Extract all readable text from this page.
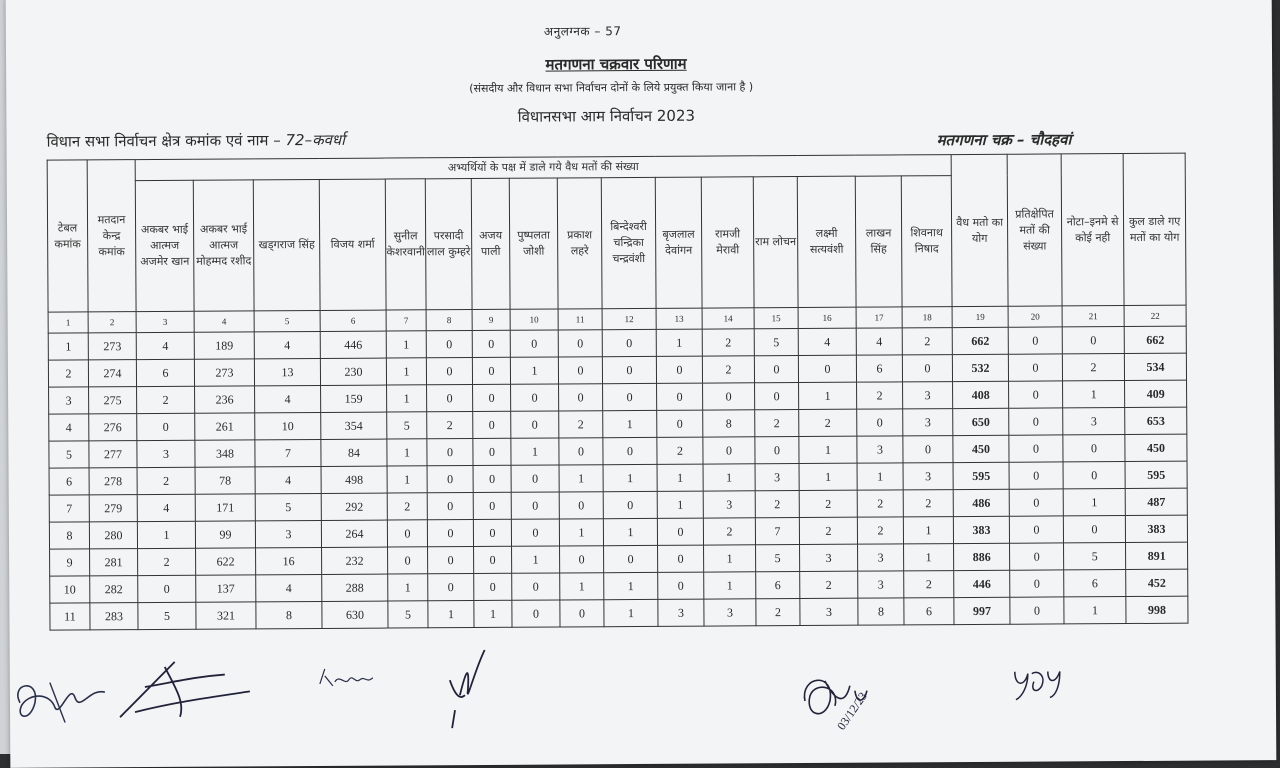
अनुलग्नक – 57
मतगणना चक्रवार परिणाम
(संसदीय और विधान सभा निर्वाचन दोनों के लिये प्रयुक्त किया जाना है )
विधानसभा आम निर्वाचन 2023
विधान सभा निर्वाचन क्षेत्र कमांक एवं नाम – 72–कवर्धा	मतगणना चक्र – चौदहवां
टेबल कमांक	मतदान केन्द्र कमांक	अभ्यर्थियों के पक्ष में डाले गये वैध मतों की संख्या																वैध मतो का योग	प्रतिक्षेपित मतों की संख्या	नोटा–इनमे से कोई नही	कुल डाले गए मतों का योग
		अकबर भाई आत्मज अजमेर खान	अकबर भाई आत्मज मोहम्मद रशीद	खड्गराज सिंह	विजय शर्मा	सुनील केशरवानी	परसादी लाल कुम्हरे	अजय पाली	पुष्पलता जोशी	प्रकाश लहरे	बिन्देश्वरी चन्द्रिका चन्द्रवंशी	बृजलाल देवांगन	रामजी मेरावी	राम लोचन	लक्ष्मी सत्यवंशी	लाखन सिंह	शिवनाथ निषाद				
1	2	3	4	5	6	7	8	9	10	11	12	13	14	15	16	17	18	19	20	21	22
1	273	4	189	4	446	1	0	0	0	0	0	1	2	5	4	4	2	662	0	0	662
2	274	6	273	13	230	1	0	0	1	0	0	0	2	0	0	6	0	532	0	2	534
3	275	2	236	4	159	1	0	0	0	0	0	0	0	0	1	2	3	408	0	1	409
4	276	0	261	10	354	5	2	0	0	2	1	0	8	2	2	0	3	650	0	3	653
5	277	3	348	7	84	1	0	0	1	0	0	2	0	0	1	3	0	450	0	0	450
6	278	2	78	4	498	1	0	0	0	1	1	1	1	3	1	1	3	595	0	0	595
7	279	4	171	5	292	2	0	0	0	0	0	1	3	2	2	2	2	486	0	1	487
8	280	1	99	3	264	0	0	0	0	1	1	0	2	7	2	2	1	383	0	0	383
9	281	2	622	16	232	0	0	0	1	0	0	0	1	5	3	3	1	886	0	5	891
10	282	0	137	4	288	1	0	0	0	1	1	0	1	6	2	3	2	446	0	6	452
11	283	5	321	8	630	5	1	1	0	0	1	3	3	2	3	8	6	997	0	1	998
03/12/23
